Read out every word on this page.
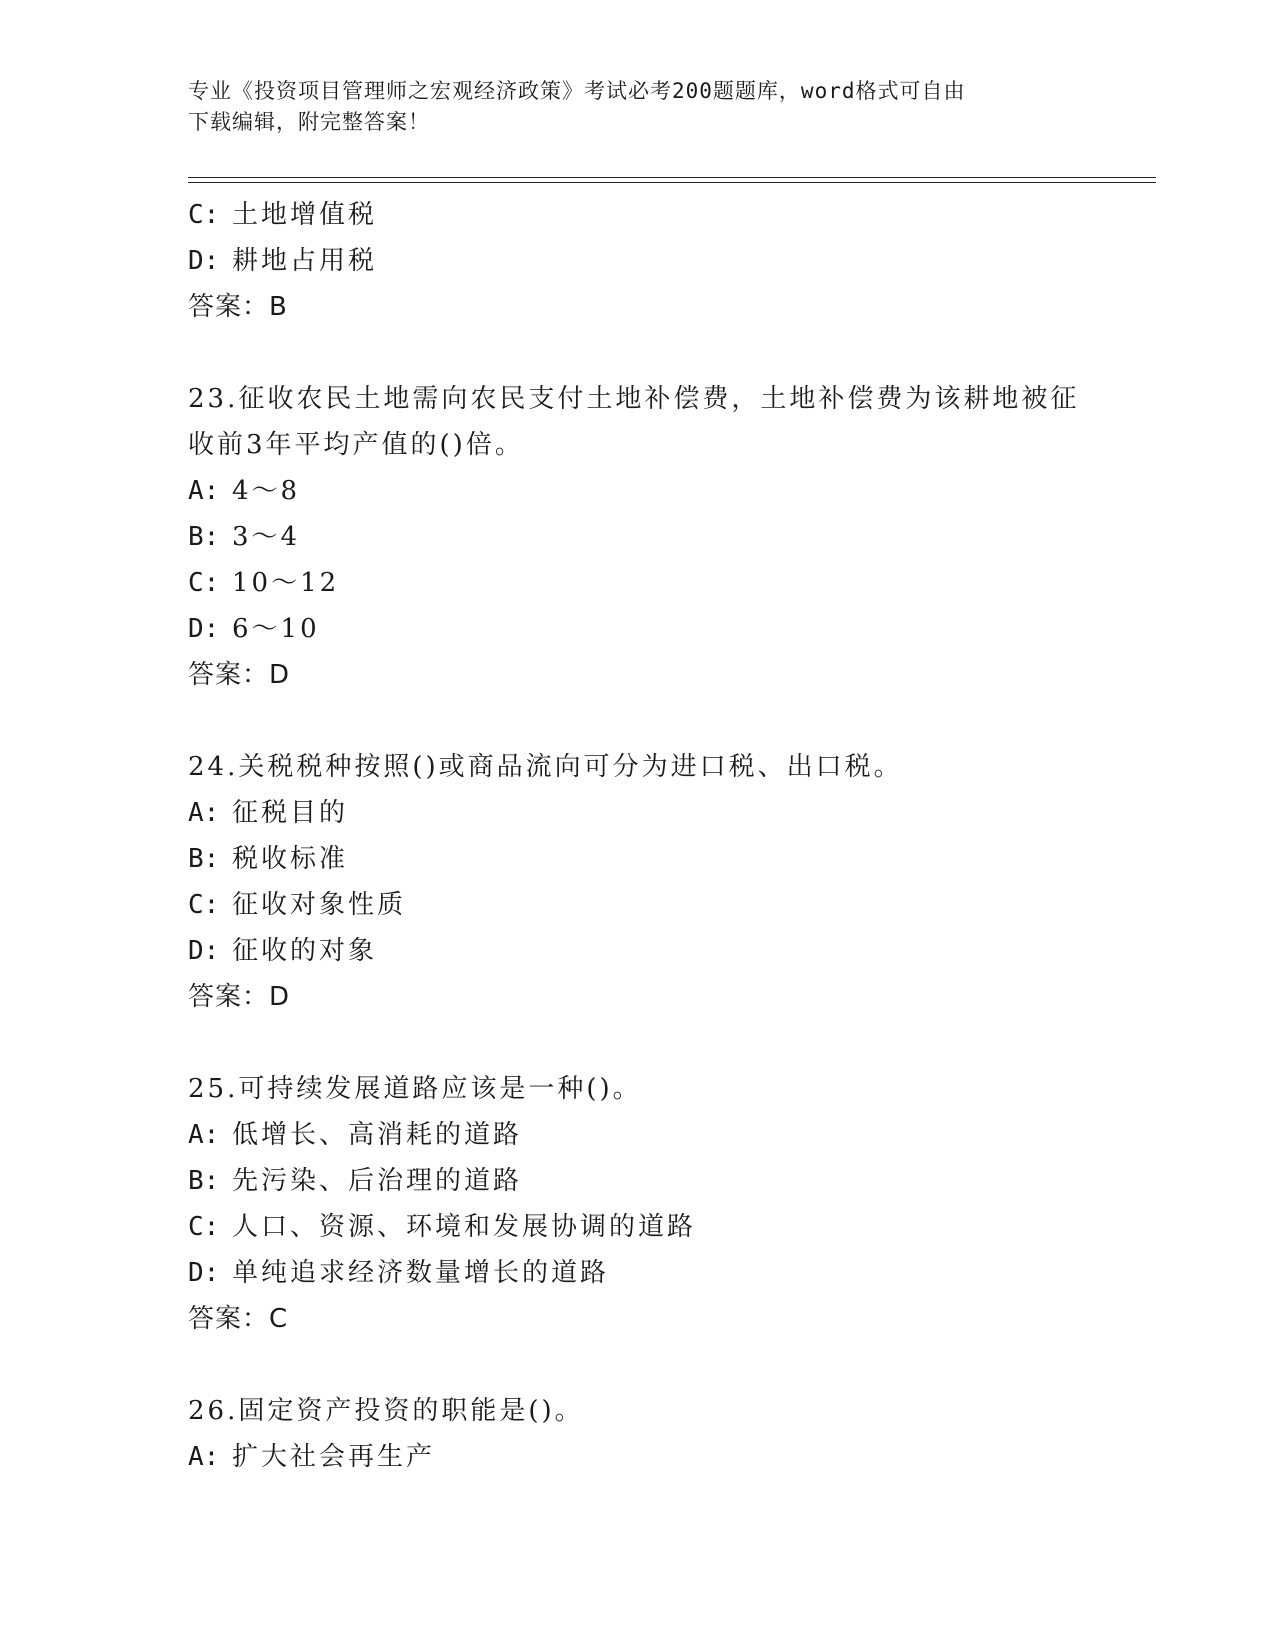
专业《投资项目管理师之宏观经济政策》考试必考200题题库，word格式可自由
下载编辑，附完整答案！
C: 土地增值税
D: 耕地占用税
答案：B
23.征收农民土地需向农民支付土地补偿费，土地补偿费为该耕地被征
收前3年平均产值的()倍。
A: 4～8
B: 3～4
C: 10～12
D: 6～10
答案：D
24.关税税种按照()或商品流向可分为进口税、出口税。
A: 征税目的
B: 税收标准
C: 征收对象性质
D: 征收的对象
答案：D
25.可持续发展道路应该是一种()。
A: 低增长、高消耗的道路
B: 先污染、后治理的道路
C: 人口、资源、环境和发展协调的道路
D: 单纯追求经济数量增长的道路
答案：C
26.固定资产投资的职能是()。
A: 扩大社会再生产
